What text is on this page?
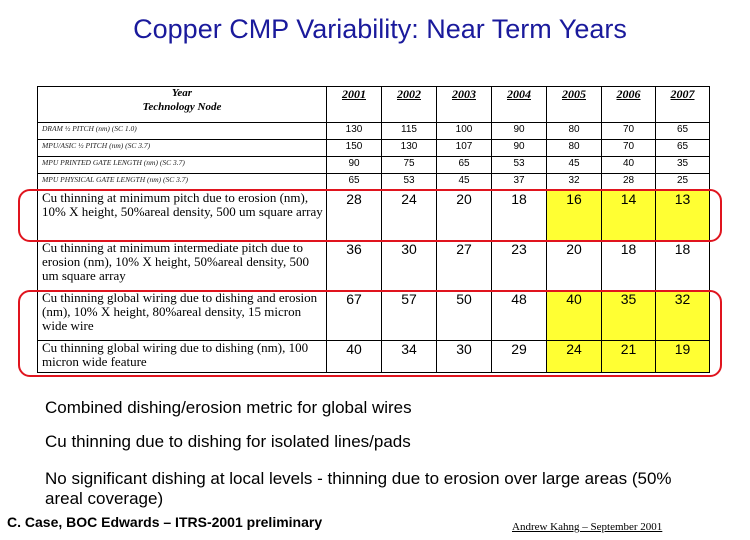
Copper CMP Variability: Near Term Years
Year
Technology Node	2001	2002	2003	2004	2005	2006	2007
DRAM ½ PITCH (nm) (SC 1.0)	130	115	100	90	80	70	65
MPU/ASIC ½ PITCH (nm) (SC 3.7)	150	130	107	90	80	70	65
MPU PRINTED GATE LENGTH (nm) (SC 3.7)	90	75	65	53	45	40	35
MPU PHYSICAL GATE LENGTH (nm) (SC 3.7)	65	53	45	37	32	28	25
Cu thinning at minimum pitch due to erosion (nm), 10% X height, 50%areal density, 500 um square array	28	24	20	18	16	14	13
Cu thinning at minimum intermediate pitch due to erosion (nm), 10% X height, 50%areal density, 500 um square array	36	30	27	23	20	18	18
Cu thinning global wiring due to dishing and erosion (nm), 10% X height, 80%areal density, 15 micron wide wire	67	57	50	48	40	35	32
Cu thinning global wiring due to dishing (nm), 100 micron wide feature	40	34	30	29	24	21	19
Combined dishing/erosion metric for global wires
Cu thinning due to dishing for isolated lines/pads
No significant dishing at local levels - thinning due to erosion over large areas (50% areal coverage)
C. Case, BOC Edwards – ITRS-2001 preliminary	Andrew Kahng – September 2001
